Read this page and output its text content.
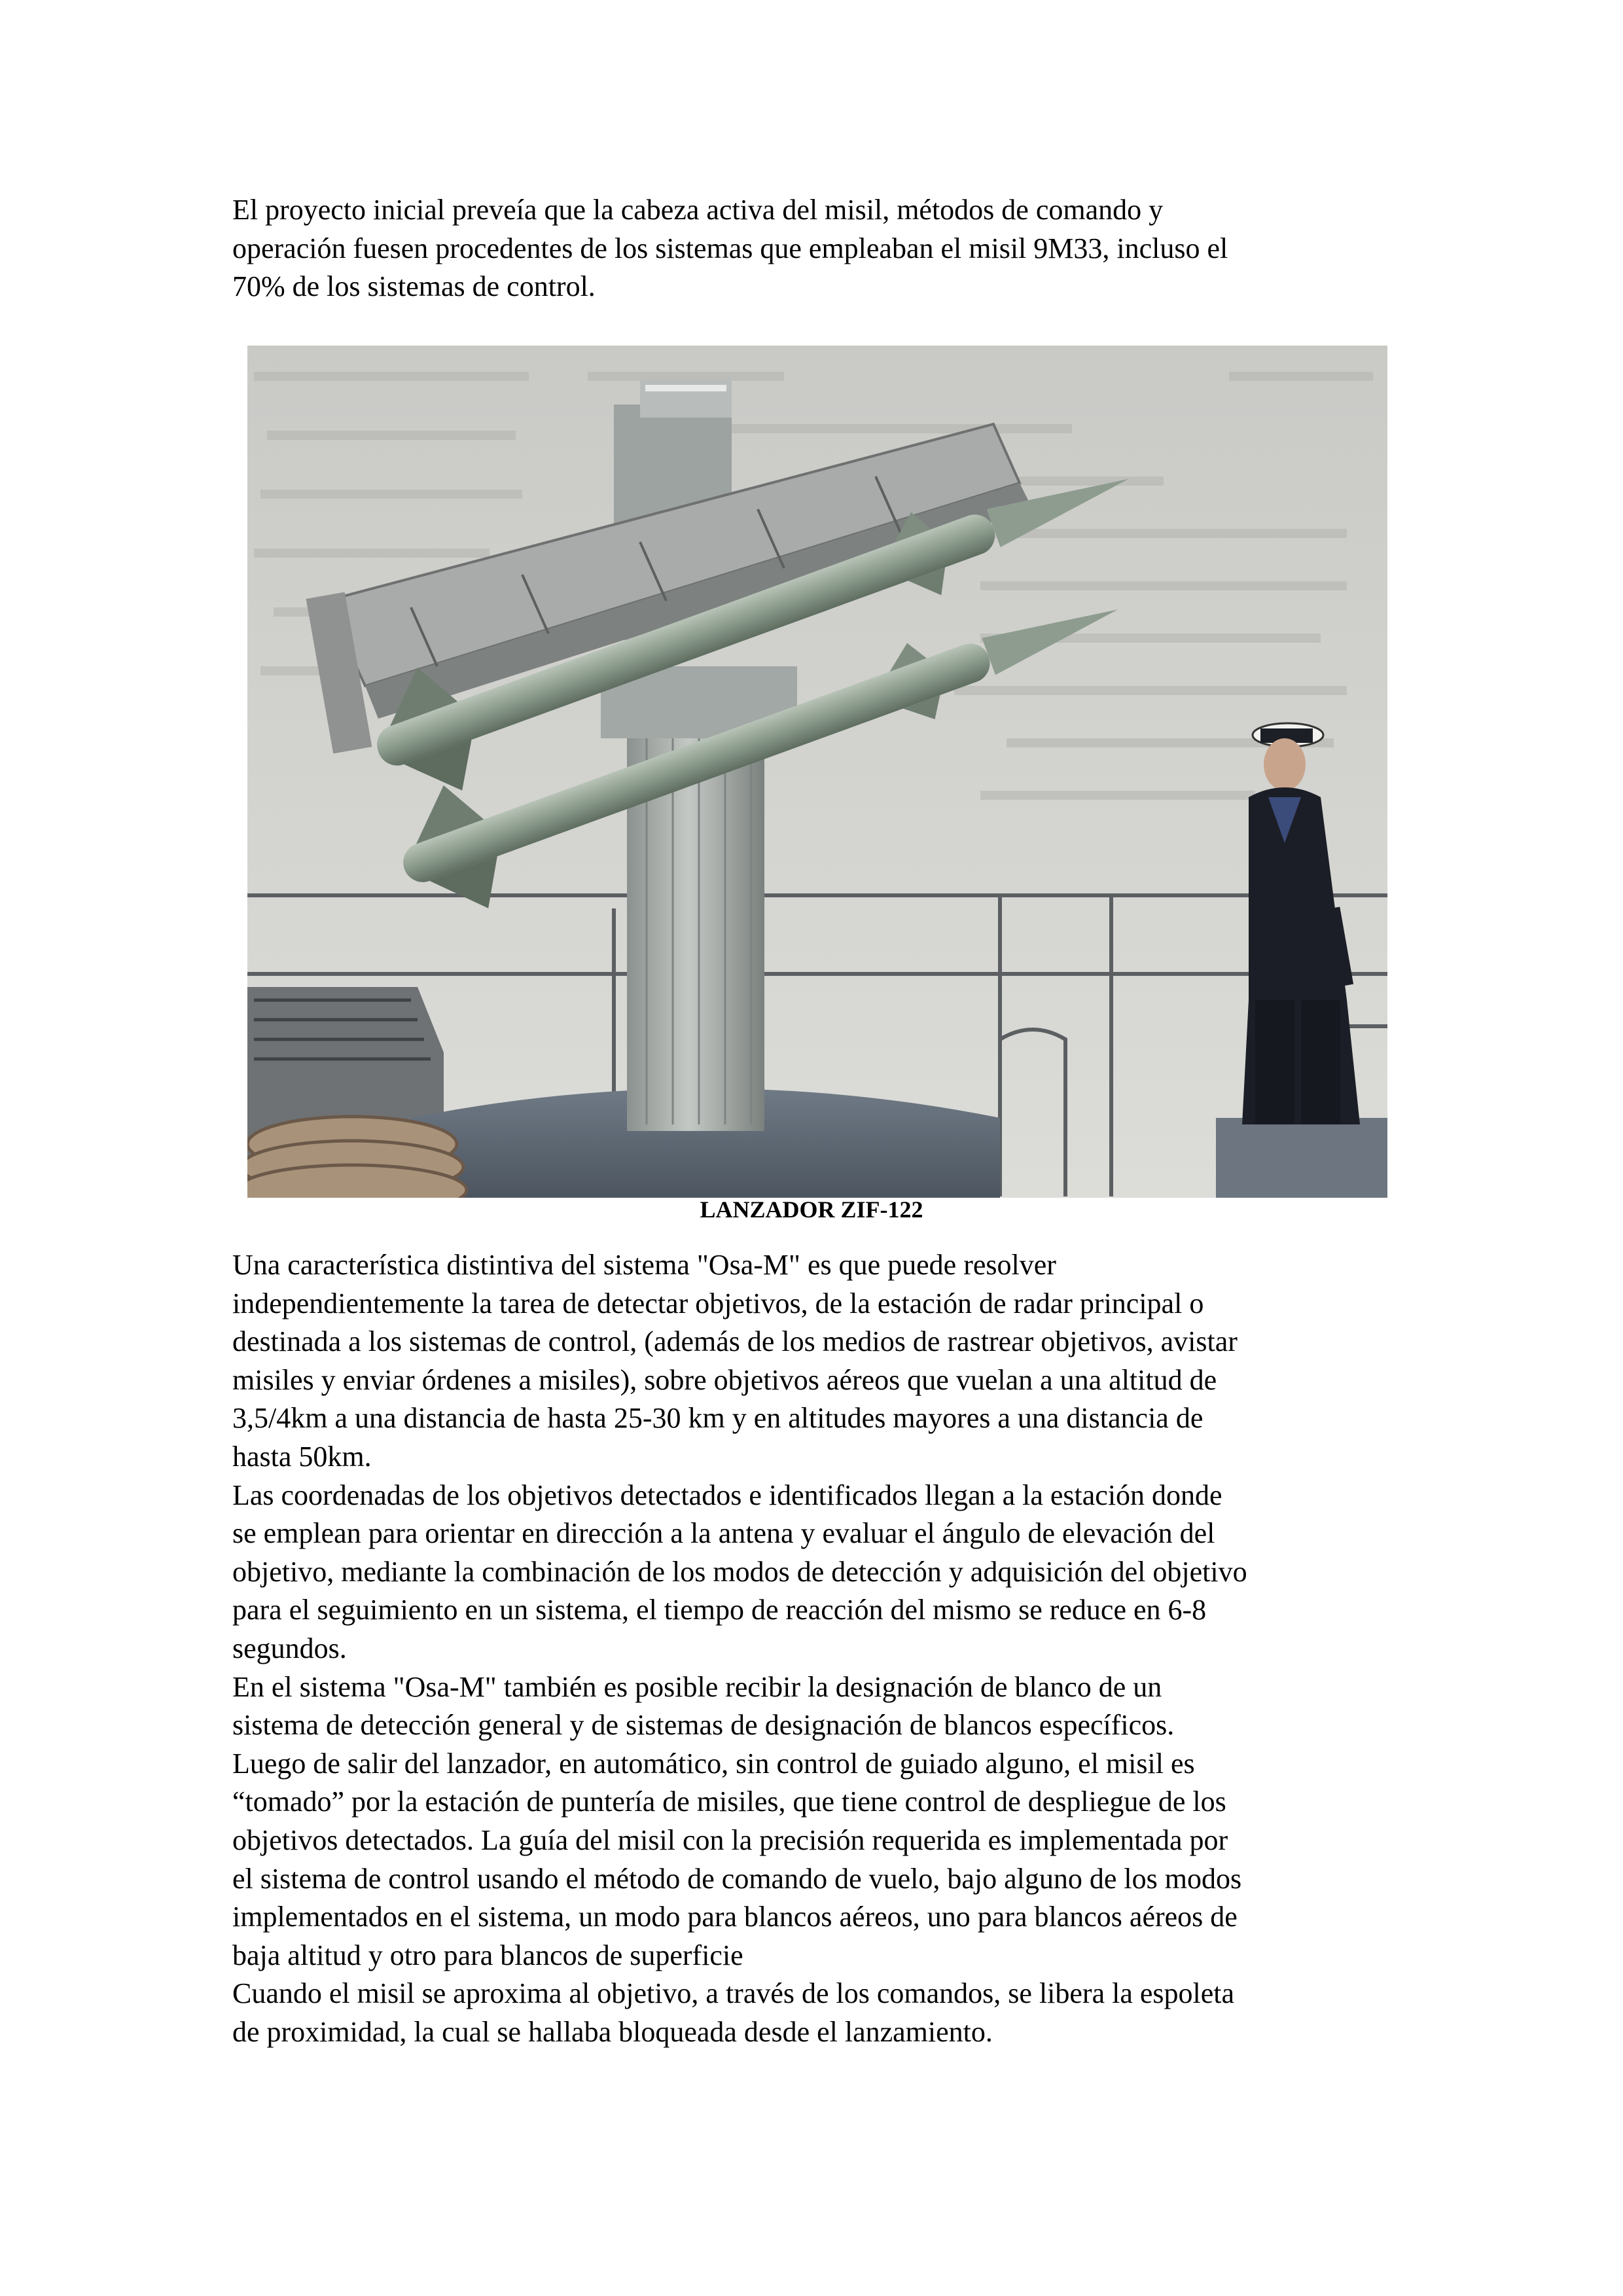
El proyecto inicial preveía que la cabeza activa del misil, métodos de comando y
operación fuesen procedentes de los sistemas que empleaban el misil 9M33, incluso el
70% de los sistemas de control.

LANZADOR ZIF-122

Una característica distintiva del sistema "Osa-M" es que puede resolver
independientemente la tarea de detectar objetivos, de la estación de radar principal o
destinada a los sistemas de control, (además de los medios de rastrear objetivos, avistar
misiles y enviar órdenes a misiles), sobre objetivos aéreos que vuelan a una altitud de
3,5/4km a una distancia de hasta 25-30 km y en altitudes mayores a una distancia de
hasta 50km.
Las coordenadas de los objetivos detectados e identificados llegan a la estación donde
se emplean para orientar en dirección a la antena y evaluar el ángulo de elevación del
objetivo, mediante la combinación de los modos de detección y adquisición del objetivo
para el seguimiento en un sistema, el tiempo de reacción del mismo se reduce en 6-8
segundos.
En el sistema "Osa-M" también es posible recibir la designación de blanco de un
sistema de detección general y de sistemas de designación de blancos específicos.
Luego de salir del lanzador, en automático, sin control de guiado alguno, el misil es
“tomado” por la estación de puntería de misiles, que tiene control de despliegue de los
objetivos detectados. La guía del misil con la precisión requerida es implementada por
el sistema de control usando el método de comando de vuelo, bajo alguno de los modos
implementados en el sistema, un modo para blancos aéreos, uno para blancos aéreos de
baja altitud y otro para blancos de superficie
Cuando el misil se aproxima al objetivo, a través de los comandos, se libera la espoleta
de proximidad, la cual se hallaba bloqueada desde el lanzamiento.
